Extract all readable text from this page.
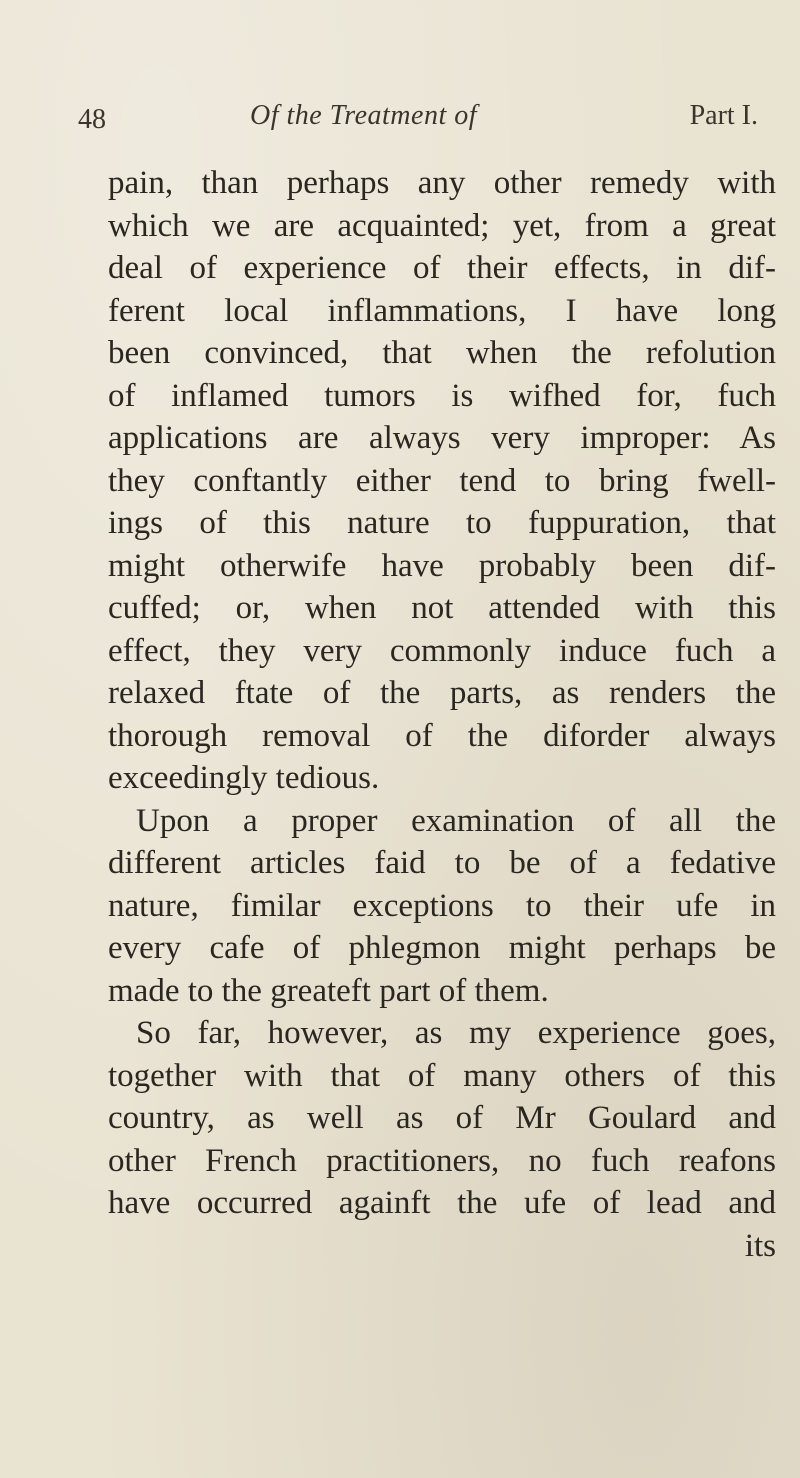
48	Of the Treatment of	Part I.
pain, than perhaps any other remedy with
which we are acquainted; yet, from a great
deal of experience of their effects, in dif-
ferent local inflammations, I have long
been convinced, that when the refolution
of inflamed tumors is wifhed for, fuch
applications are always very improper: As
they conftantly either tend to bring fwell-
ings of this nature to fuppuration, that
might otherwife have probably been dif-
cuffed; or, when not attended with this
effect, they very commonly induce fuch a
relaxed ftate of the parts, as renders the
thorough removal of the diforder always
exceedingly tedious.
Upon a proper examination of all the
different articles faid to be of a fedative
nature, fimilar exceptions to their ufe in
every cafe of phlegmon might perhaps be
made to the greateft part of them.
So far, however, as my experience goes,
together with that of many others of this
country, as well as of Mr Goulard and
other French practitioners, no fuch reafons
have occurred againft the ufe of lead and
its
